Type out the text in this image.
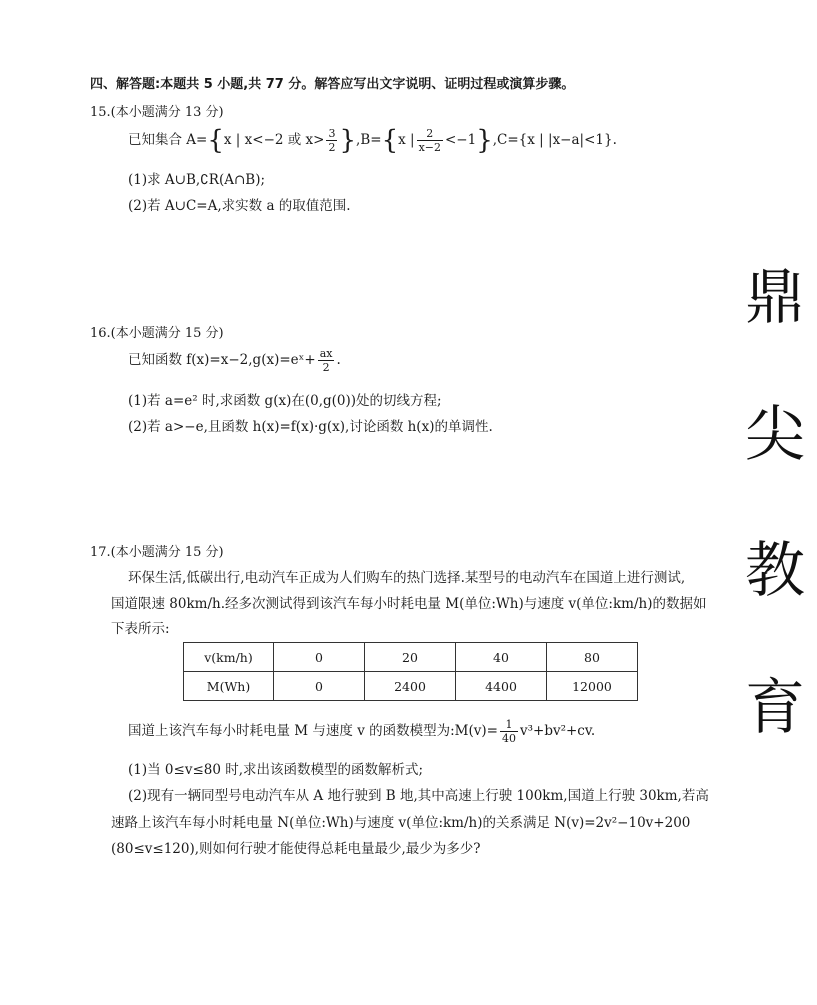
四、解答题:本题共 5 小题,共 77 分。解答应写出文字说明、证明过程或演算步骤。
15.(本小题满分 13 分)
已知集合 A={x | x<−2 或 $x> \frac{3}{2} \},B=\{x$ | $\frac{2}{x-2} <-1\},C=\{x$ | |x−a|<1}.
(1)求 A∪B,∁R(A∩B);
(2)若 A∪C=A,求实数 a 的取值范围.
16.(本小题满分 15 分)
已知函数 f(x)=x−2,g(x)=eˣ+ $\frac{ax}{2}$ .
(1)若 a=e² 时,求函数 g(x)在(0,g(0))处的切线方程;
(2)若 a>−e,且函数 h(x)=f(x)·g(x),讨论函数 h(x)的单调性.
17.(本小题满分 15 分)
环保生活,低碳出行,电动汽车正成为人们购车的热门选择.某型号的电动汽车在国道上进行测试,
国道限速 80km/h.经多次测试得到该汽车每小时耗电量 M(单位:Wh)与速度 v(单位:km/h)的数据如
下表所示:
v(km/h)	0	20	40	80
M(Wh)	0	2400	4400	12000
国道上该汽车每小时耗电量 M 与速度 v 的函数模型为:M(v)= $\frac{1}{40} v^3+bv^2+cv$.
(1)当 0≤v≤80 时,求出该函数模型的函数解析式;
(2)现有一辆同型号电动汽车从 A 地行驶到 B 地,其中高速上行驶 100km,国道上行驶 30km,若高
速路上该汽车每小时耗电量 N(单位:Wh)与速度 v(单位:km/h)的关系满足 N(v)=2v²−10v+200
(80≤v≤120),则如何行驶才能使得总耗电量最少,最少为多少?
鼎
尖
教
育
